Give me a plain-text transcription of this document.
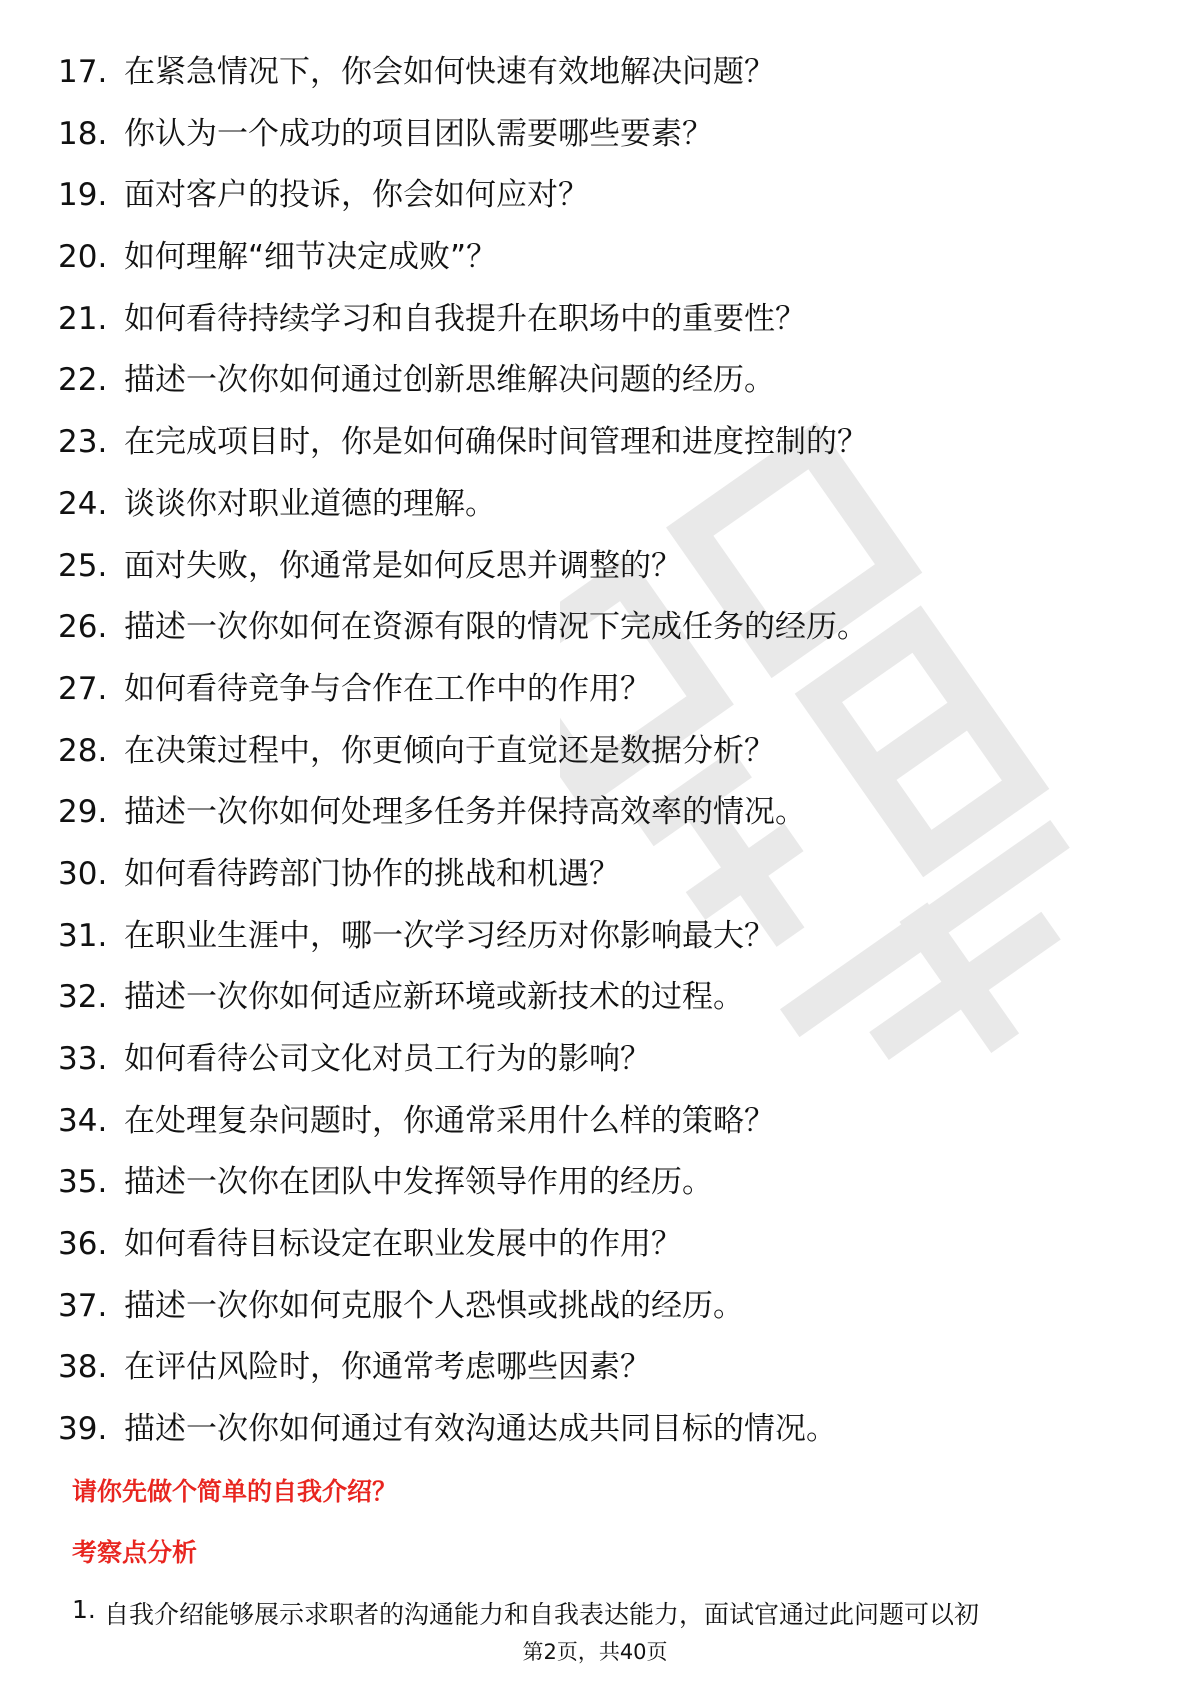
17. 在紧急情况下，你会如何快速有效地解决问题？
18. 你认为一个成功的项目团队需要哪些要素？
19. 面对客户的投诉，你会如何应对？
20. 如何理解“细节决定成败”？
21. 如何看待持续学习和自我提升在职场中的重要性？
22. 描述一次你如何通过创新思维解决问题的经历。
23. 在完成项目时，你是如何确保时间管理和进度控制的？
24. 谈谈你对职业道德的理解。
25. 面对失败，你通常是如何反思并调整的？
26. 描述一次你如何在资源有限的情况下完成任务的经历。
27. 如何看待竞争与合作在工作中的作用？
28. 在决策过程中，你更倾向于直觉还是数据分析？
29. 描述一次你如何处理多任务并保持高效率的情况。
30. 如何看待跨部门协作的挑战和机遇？
31. 在职业生涯中，哪一次学习经历对你影响最大？
32. 描述一次你如何适应新环境或新技术的过程。
33. 如何看待公司文化对员工行为的影响？
34. 在处理复杂问题时，你通常采用什么样的策略？
35. 描述一次你在团队中发挥领导作用的经历。
36. 如何看待目标设定在职业发展中的作用？
37. 描述一次你如何克服个人恐惧或挑战的经历。
38. 在评估风险时，你通常考虑哪些因素？
39. 描述一次你如何通过有效沟通达成共同目标的情况。
请你先做个简单的自我介绍？
考察点分析
1. 自我介绍能够展示求职者的沟通能力和自我表达能力，面试官通过此问题可以初
第2页，共40页
